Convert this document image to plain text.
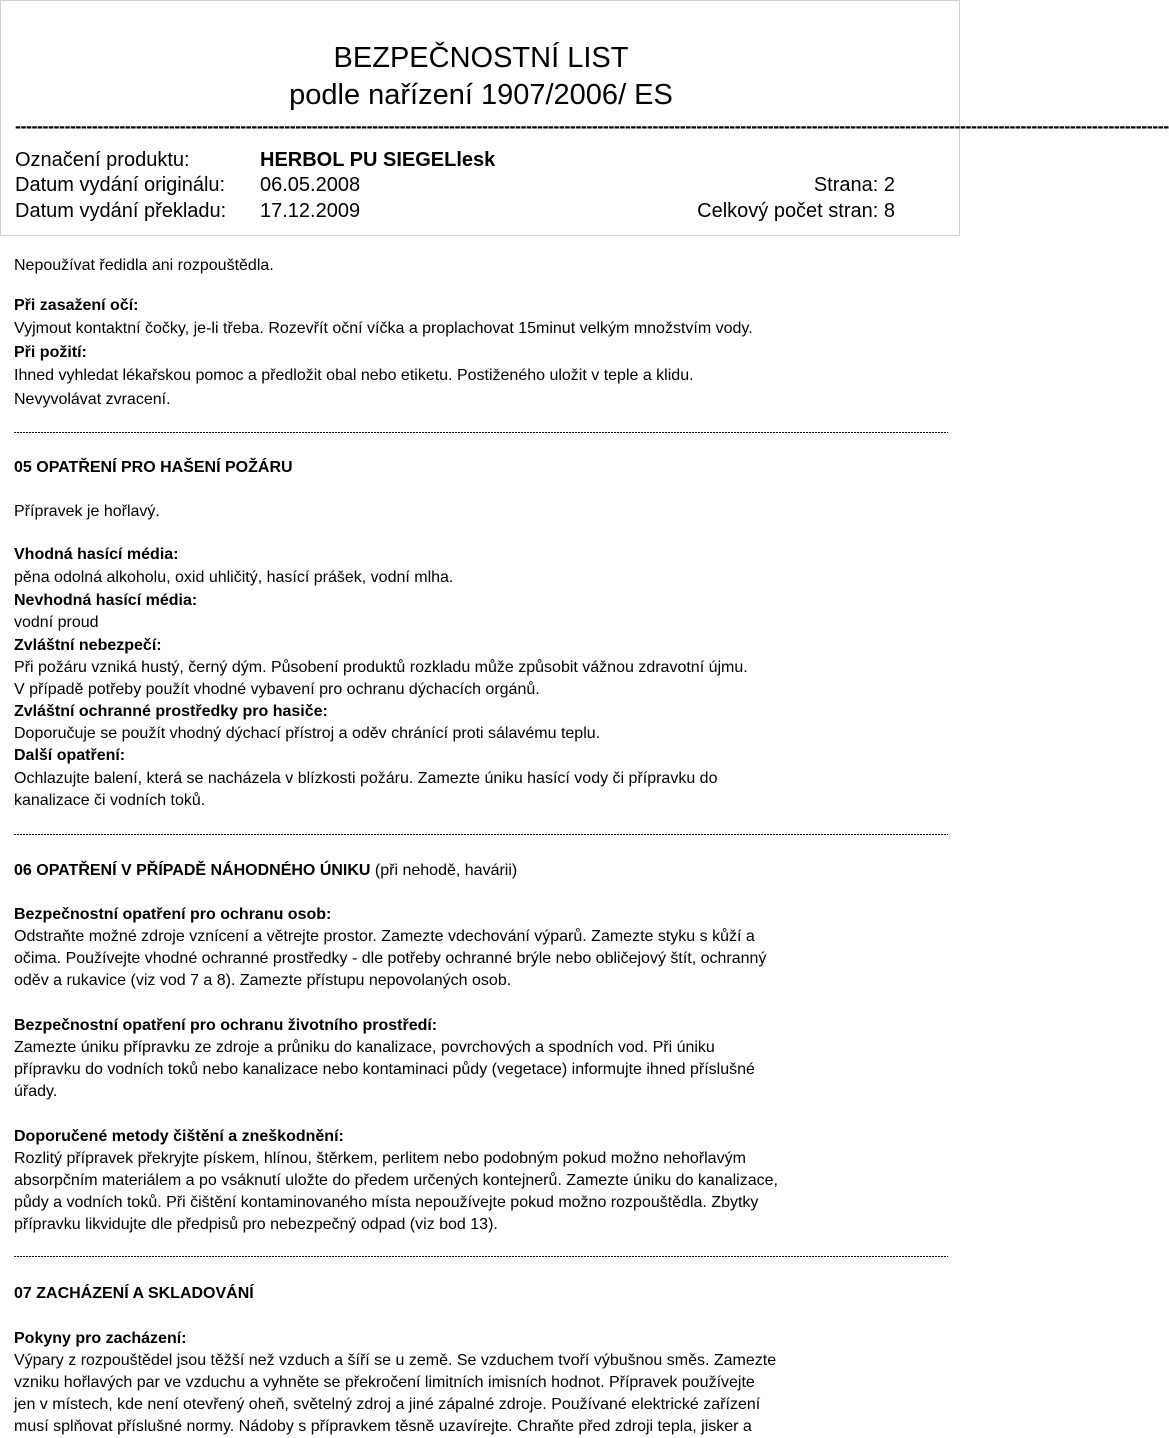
BEZPEČNOSTNÍ LIST
podle nařízení 1907/2006/ ES
------------------------------------------------------------------------------------------------------------------------------------------------------------------------------------------------------------------
Označení produktu:	HERBOL PU SIEGELlesk
Datum vydání originálu: 06.05.2008	Strana: 2
Datum vydání překladu: 17.12.2009	Celkový počet stran: 8
Nepoužívat ředidla ani rozpouštědla.
Při zasažení očí:
Vyjmout kontaktní čočky, je-li třeba. Rozevřít oční víčka a proplachovat 15minut velkým množstvím vody.
Při požití:
Ihned vyhledat lékařskou pomoc a předložit obal nebo etiketu. Postiženého uložit v teple a klidu.
Nevyvolávat zvracení.
05 OPATŘENÍ PRO HAŠENÍ POŽÁRU
Přípravek je hořlavý.
Vhodná hasící média:
pěna odolná alkoholu, oxid uhličitý, hasící prášek, vodní mlha.
Nevhodná hasící média:
vodní proud
Zvláštní nebezpečí:
Při požáru vzniká hustý, černý dým. Působení produktů rozkladu může způsobit vážnou zdravotní újmu.
V případě potřeby použít vhodné vybavení pro ochranu dýchacích orgánů.
Zvláštní ochranné prostředky pro hasiče:
Doporučuje se použít vhodný dýchací přístroj a oděv chránící proti sálavému teplu.
Další opatření:
Ochlazujte balení, která se nacházela v blízkosti požáru. Zamezte úniku hasící vody či přípravku do
kanalizace či vodních toků.
06 OPATŘENÍ V PŘÍPADĚ NÁHODNÉHO ÚNIKU (při nehodě, havárii)
Bezpečnostní opatření pro ochranu osob:
Odstraňte možné zdroje vznícení a větrejte prostor. Zamezte vdechování výparů. Zamezte styku s kůží a
očima. Používejte vhodné ochranné prostředky - dle potřeby ochranné brýle nebo obličejový štít, ochranný
oděv a rukavice (viz vod 7 a 8). Zamezte přístupu nepovolaných osob.
Bezpečnostní opatření pro ochranu životního prostředí:
Zamezte úniku přípravku ze zdroje a průniku do kanalizace, povrchových a spodních vod. Při úniku
přípravku do vodních toků nebo kanalizace nebo kontaminaci půdy (vegetace) informujte ihned příslušné
úřady.
Doporučené metody čištění a zneškodnění:
Rozlitý přípravek překryjte pískem, hlínou, štěrkem, perlitem nebo podobným pokud možno nehořlavým
absorpčním materiálem a po vsáknutí uložte do předem určených kontejnerů. Zamezte úniku do kanalizace,
půdy a vodních toků. Při čištění kontaminovaného místa nepoužívejte pokud možno rozpouštědla. Zbytky
přípravku likvidujte dle předpisů pro nebezpečný odpad (viz bod 13).
07 ZACHÁZENÍ A SKLADOVÁNÍ
Pokyny pro zacházení:
Výpary z rozpouštědel jsou těžší než vzduch a šíří se u země. Se vzduchem tvoří výbušnou směs. Zamezte
vzniku hořlavých par ve vzduchu a vyhněte se překročení limitních imisních hodnot. Přípravek používejte
jen v místech, kde není otevřený oheň, světelný zdroj a jiné zápalné zdroje. Používané elektrické zařízení
musí splňovat příslušné normy. Nádoby s přípravkem těsně uzavírejte. Chraňte před zdroji tepla, jisker a
